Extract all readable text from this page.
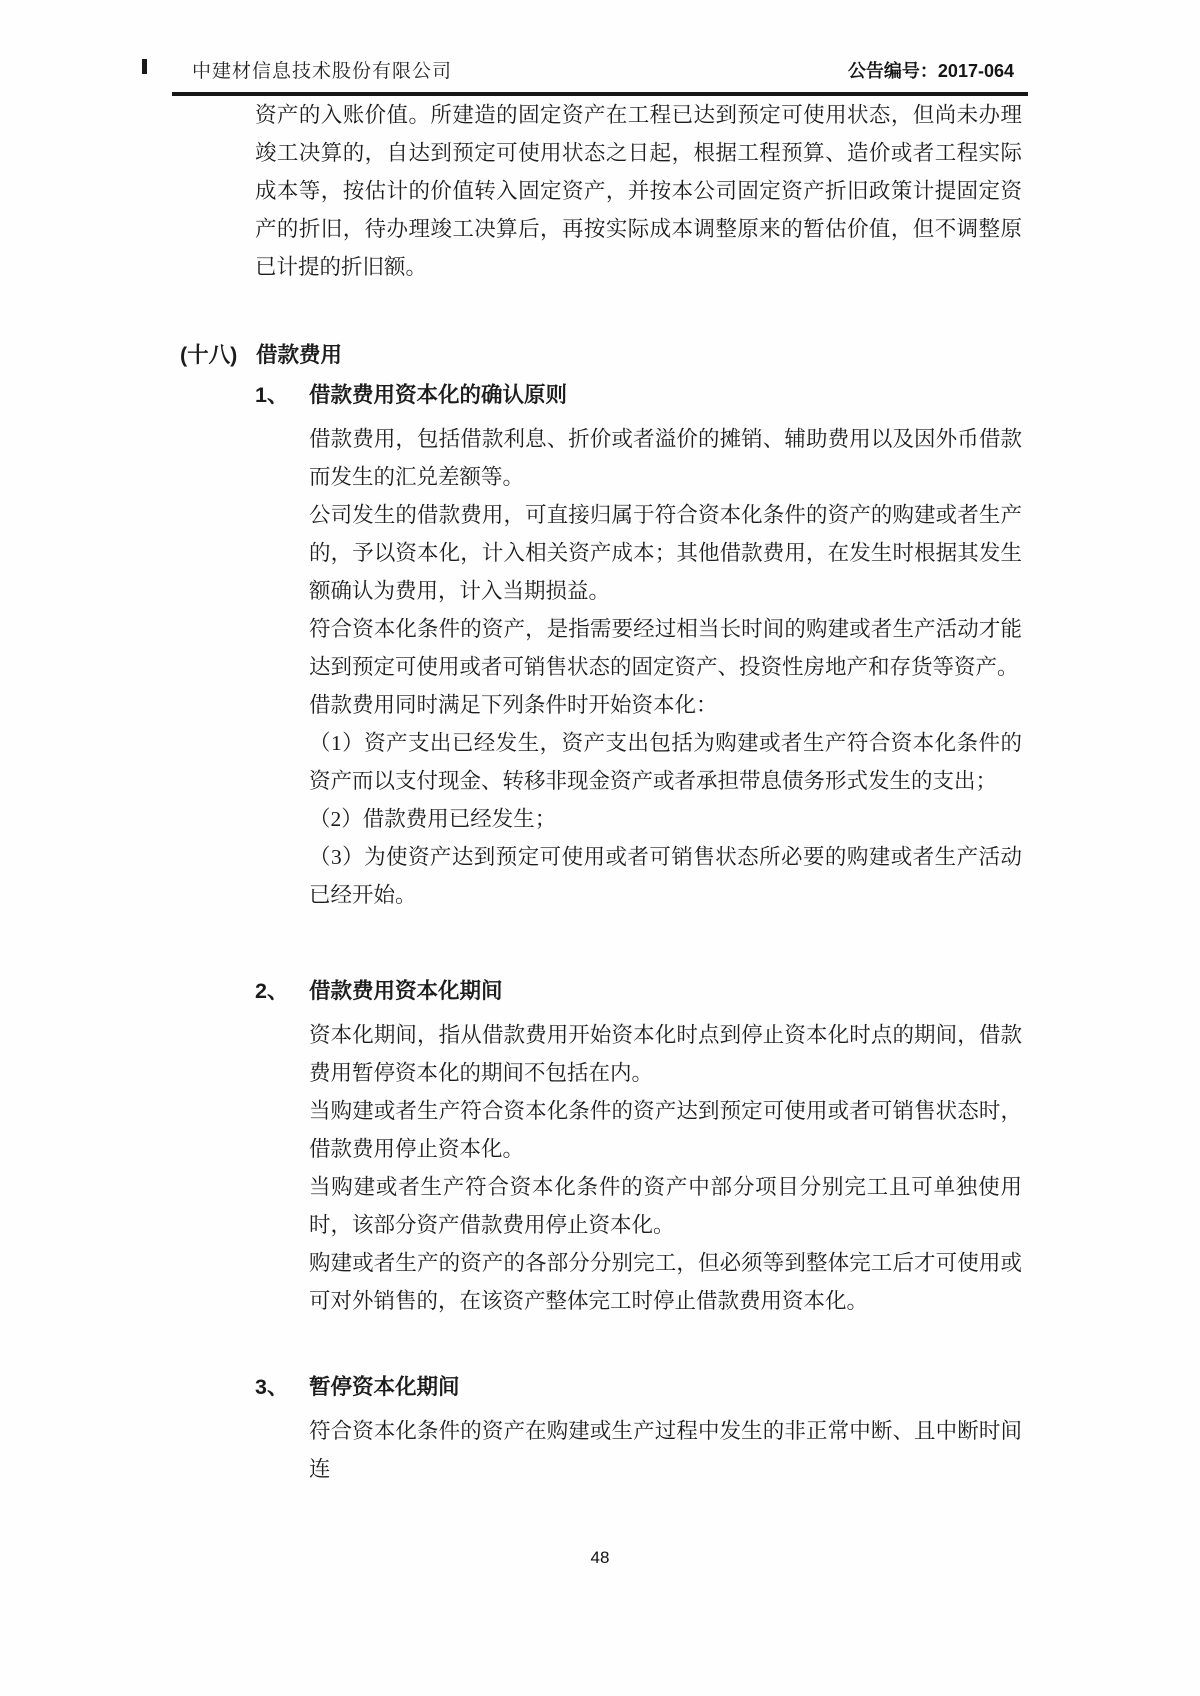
中建材信息技术股份有限公司	公告编号：2017-064

资产的入账价值。所建造的固定资产在工程已达到预定可使用状态，但尚未办理竣工决算的，自达到预定可使用状态之日起，根据工程预算、造价或者工程实际成本等，按估计的价值转入固定资产，并按本公司固定资产折旧政策计提固定资产的折旧，待办理竣工决算后，再按实际成本调整原来的暂估价值，但不调整原已计提的折旧额。

(十八) 借款费用
1、 借款费用资本化的确认原则

借款费用，包括借款利息、折价或者溢价的摊销、辅助费用以及因外币借款而发生的汇兑差额等。

公司发生的借款费用，可直接归属于符合资本化条件的资产的购建或者生产的，予以资本化，计入相关资产成本；其他借款费用，在发生时根据其发生额确认为费用，计入当期损益。

符合资本化条件的资产，是指需要经过相当长时间的购建或者生产活动才能达到预定可使用或者可销售状态的固定资产、投资性房地产和存货等资产。

借款费用同时满足下列条件时开始资本化：

（1）资产支出已经发生，资产支出包括为购建或者生产符合资本化条件的资产而以支付现金、转移非现金资产或者承担带息债务形式发生的支出；

（2）借款费用已经发生；

（3）为使资产达到预定可使用或者可销售状态所必要的购建或者生产活动已经开始。

2、 借款费用资本化期间

资本化期间，指从借款费用开始资本化时点到停止资本化时点的期间，借款费用暂停资本化的期间不包括在内。

当购建或者生产符合资本化条件的资产达到预定可使用或者可销售状态时，借款费用停止资本化。

当购建或者生产符合资本化条件的资产中部分项目分别完工且可单独使用时，该部分资产借款费用停止资本化。

购建或者生产的资产的各部分分别完工，但必须等到整体完工后才可使用或可对外销售的，在该资产整体完工时停止借款费用资本化。

3、 暂停资本化期间

符合资本化条件的资产在购建或生产过程中发生的非正常中断、且中断时间连

48
